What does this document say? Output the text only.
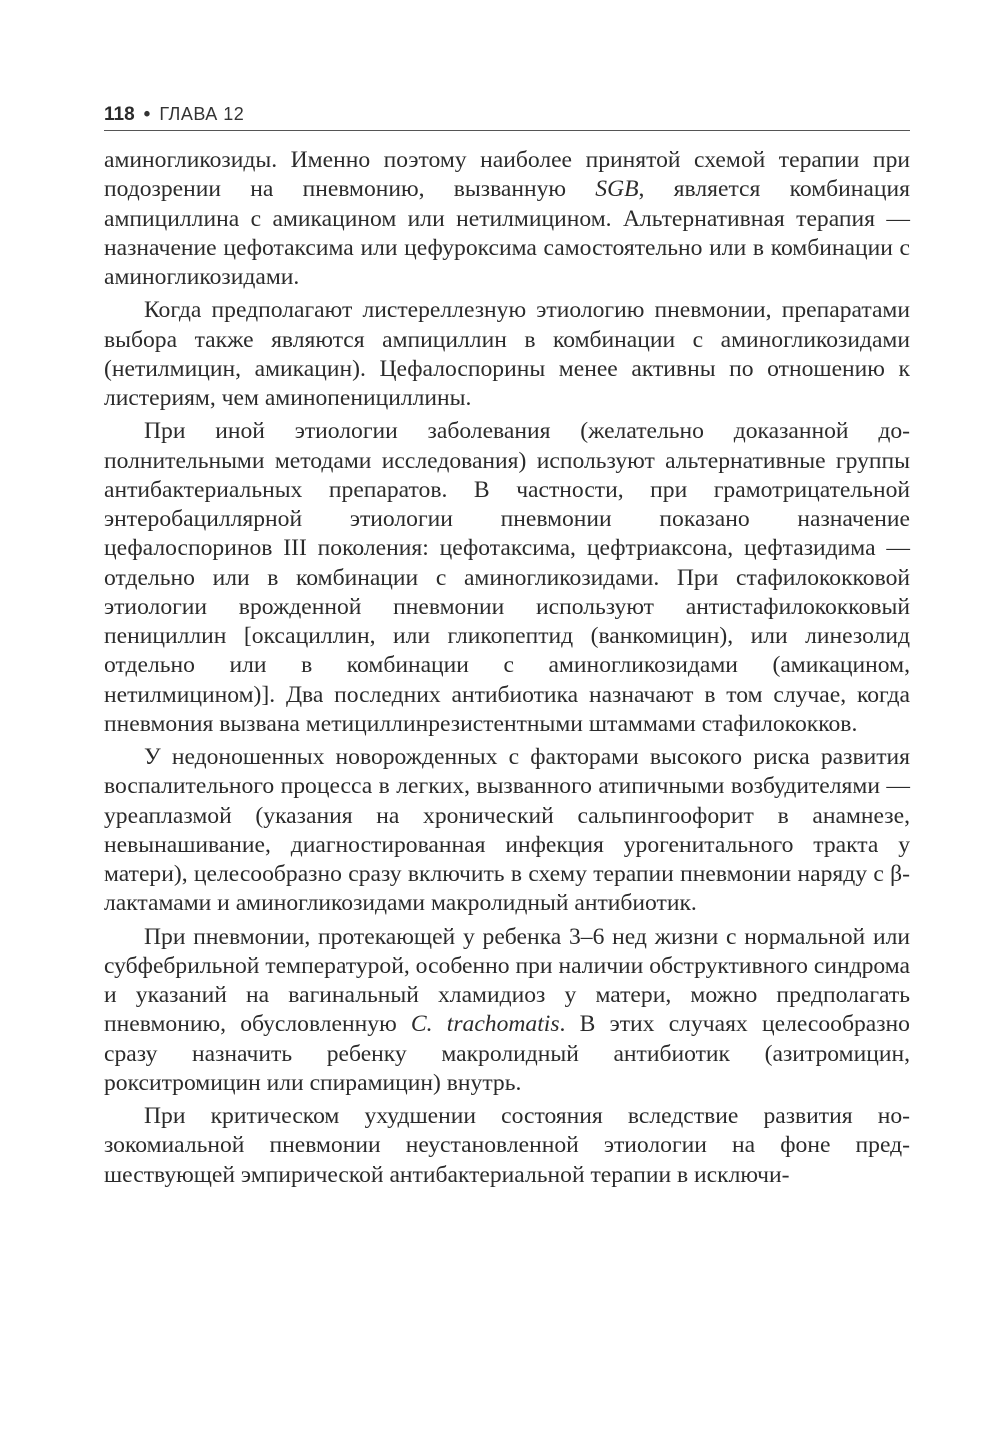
118 • ГЛАВА 12

аминогликозиды. Именно поэтому наиболее принятой схемой терапии при подозрении на пневмонию, вызванную SGB, является комбинация ампициллина с амикацином или нетилмицином. Альтернативная терапия — назначение цефотаксима или цефуроксима самостоятельно или в комбинации с аминогликозидами.

Когда предполагают листереллезную этиологию пневмонии, препаратами выбора также являются ампициллин в комбинации с аминогликозидами (нетилмицин, амикацин). Цефалоспорины менее активны по отношению к листериям, чем аминопенициллины.

При иной этиологии заболевания (желательно доказанной дополнительными методами исследования) используют альтернативные группы антибактериальных препаратов. В частности, при грамотрицательной энтеробациллярной этиологии пневмонии показано назначение цефалоспоринов III поколения: цефотаксима, цефтриаксона, цефтазидима — отдельно или в комбинации с аминогликозидами. При стафилококковой этиологии врожденной пневмонии используют антистафилококковый пенициллин [оксациллин, или гликопептид (ванкомицин), или линезолид отдельно или в комбинации с аминогликозидами (амикацином, нетилмицином)]. Два последних антибиотика назначают в том случае, когда пневмония вызвана метициллинрезистентными штаммами стафилококков.

У недоношенных новорожденных с факторами высокого риска развития воспалительного процесса в легких, вызванного атипичными возбудителями — уреаплазмой (указания на хронический сальпингоофорит в анамнезе, невынашивание, диагностированная инфекция урогенитального тракта у матери), целесообразно сразу включить в схему терапии пневмонии наряду с β-лактамами и аминогликозидами макролидный антибиотик.

При пневмонии, протекающей у ребенка 3–6 нед жизни с нормальной или субфебрильной температурой, особенно при наличии обструктивного синдрома и указаний на вагинальный хламидиоз у матери, можно предполагать пневмонию, обусловленную C. trachomatis. В этих случаях целесообразно сразу назначить ребенку макролидный антибиотик (азитромицин, рокситромицин или спирамицин) внутрь.

При критическом ухудшении состояния вследствие развития нозокомиальной пневмонии неустановленной этиологии на фоне предшествующей эмпирической антибактериальной терапии в исключи-
